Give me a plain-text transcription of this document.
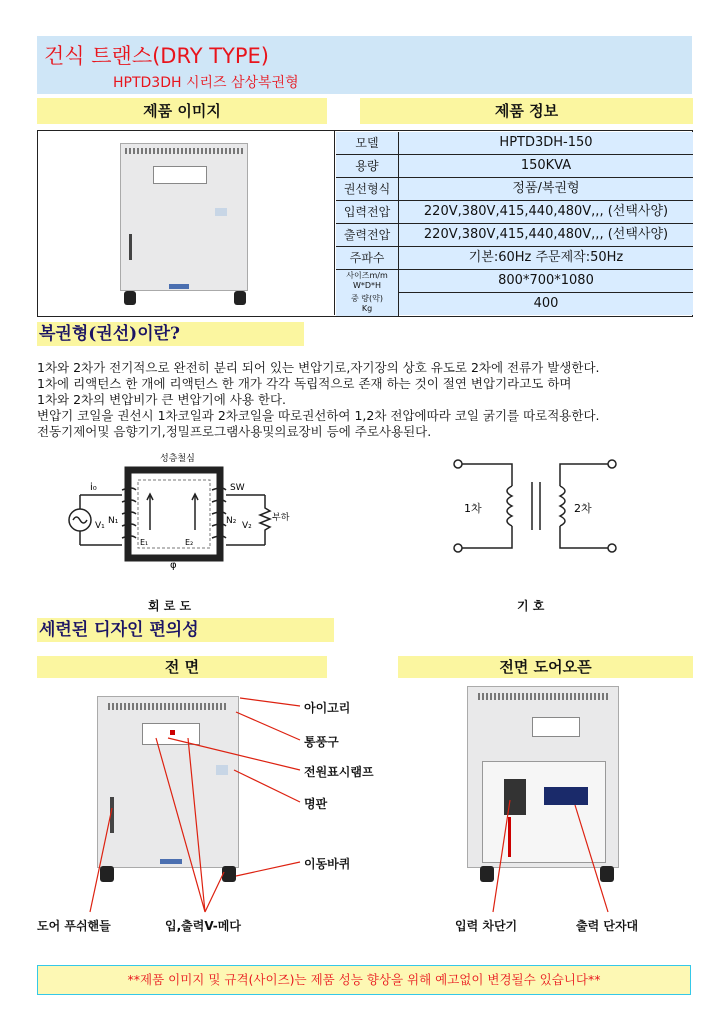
건식 트랜스(DRY TYPE)
HPTD3DH 시리즈 삼상복권형
제품 이미지	제품 정보
모델	HPTD3DH-150
용량	150KVA
권선형식	정품/복권형
입력전압	220V,380V,415,440,480V,,, (선택사양)
출력전압	220V,380V,415,440,480V,,, (선택사양)
주파수	기본:60Hz 주문제작:50Hz
사이즈m/m
W*D*H	800*700*1080
중 량(약)
Kg	400
복권형(권선)이란?
1차와 2차가 전기적으로 완전히 분리 되어 있는 변압기로,자기장의 상호 유도로 2차에 전류가 발생한다.
1차에 리액턴스 한 개에 리액턴스 한 개가 각각 독립적으로 존재 하는 것이 절연 변압기라고도 하며
1차와 2차의 변압비가 큰 변압기에 사용 한다.
변압기 코일을 권선시 1차코일과 2차코일을 따로권선하여 1,2차 전압에따라 코일 굵기를 따로적용한다.
전동기제어및 음향기기,정밀프로그램사용및의료장비 등에 주로사용된다.
성층철심
i₀	SW
N₁	N₂
V₁	V₂
E₁	E₂
φ
부하
회 로 도
1차	2차
기 호
세련된 디자인 편의성
전 면	전면 도어오픈
아이고리
통풍구
전원표시램프
명판
이동바퀴
도어 푸쉬핸들	입,출력V-메다	입력 차단기	출력 단자대
**제품 이미지 및 규격(사이즈)는 제품 성능 향상을 위해 예고없이 변경될수 있습니다**
